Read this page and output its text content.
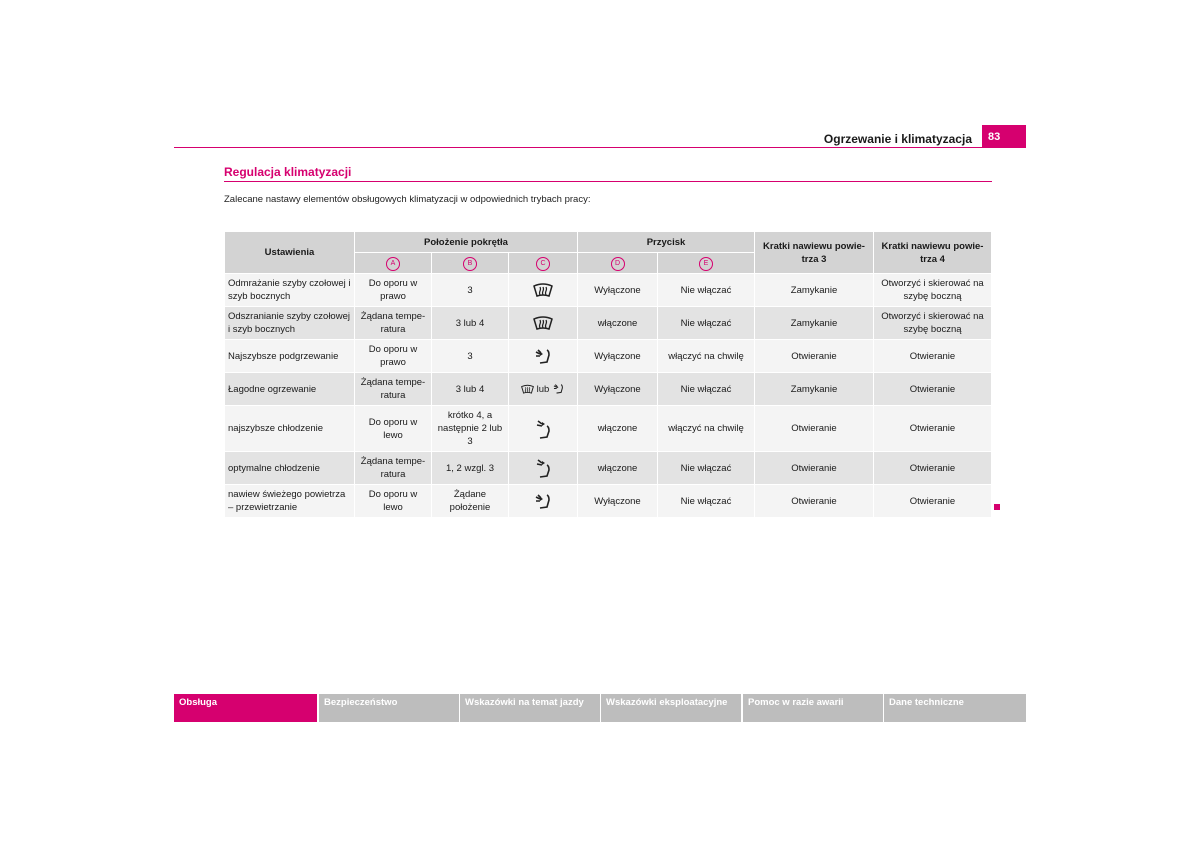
Ogrzewanie i klimatyzacja	83
Regulacja klimatyzacji
Zalecane nastawy elementów obsługowych klimatyzacji w odpowiednich trybach pracy:
Ustawienia	Położenie pokrętła			Przycisk		Kratki nawiewu powie-trza 3	Kratki nawiewu powie-trza 4
	A	B	C	D	E		
Odmrażanie szyby czołowej i szyb bocznych	Do oporu w prawo	3		Wyłączone	Nie włączać	Zamykanie	Otworzyć i skierować na szybę boczną
Odszranianie szyby czołowej i szyb bocznych	Żądana tempe-ratura	3 lub 4		włączone	Nie włączać	Zamykanie	Otworzyć i skierować na szybę boczną
Najszybsze podgrzewanie	Do oporu w prawo	3		Wyłączone	włączyć na chwilę	Otwieranie	Otwieranie
Łagodne ogrzewanie	Żądana tempe-ratura	3 lub 4	lub	Wyłączone	Nie włączać	Zamykanie	Otwieranie
najszybsze chłodzenie	Do oporu w lewo	krótko 4, a następnie 2 lub 3		włączone	włączyć na chwilę	Otwieranie	Otwieranie
optymalne chłodzenie	Żądana tempe-ratura	1, 2 wzgl. 3		włączone	Nie włączać	Otwieranie	Otwieranie
nawiew świeżego powietrza – przewietrzanie	Do oporu w lewo	Żądane położenie		Wyłączone	Nie włączać	Otwieranie	Otwieranie
Obsługa	Bezpieczeństwo	Wskazówki na temat jazdy	Wskazówki eksploatacyjne	Pomoc w razie awarii	Dane techniczne
